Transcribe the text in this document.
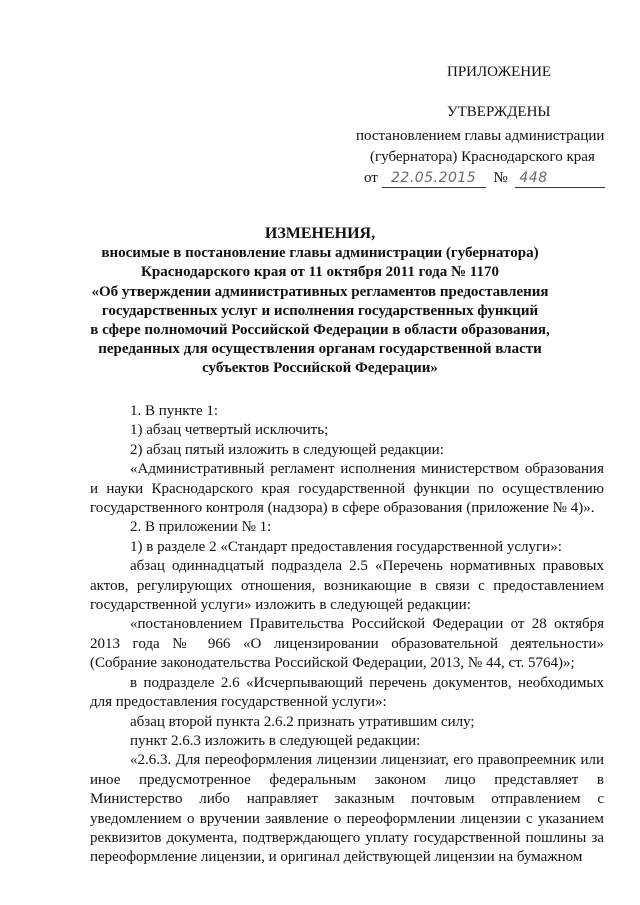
ПРИЛОЖЕНИЕ
УТВЕРЖДЕНЫ
постановлением главы администрации
(губернатора) Краснодарского края
от 22.05.2015 № 448
ИЗМЕНЕНИЯ,
вносимые в постановление главы администрации (губернатора)
Краснодарского края от 11 октября 2011 года № 1170
«Об утверждении административных регламентов предоставления
государственных услуг и исполнения государственных функций
в сфере полномочий Российской Федерации в области образования,
переданных для осуществления органам государственной власти
субъектов Российской Федерации»

1. В пункте 1:

1) абзац четвертый исключить;

2) абзац пятый изложить в следующей редакции:

«Административный регламент исполнения министерством образования и науки Краснодарского края государственной функции по осуществлению государственного контроля (надзора) в сфере образования (приложение № 4)».

2. В приложении № 1:

1) в разделе 2 «Стандарт предоставления государственной услуги»:

абзац одиннадцатый подраздела 2.5 «Перечень нормативных правовых актов, регулирующих отношения, возникающие в связи с предоставлением государственной услуги» изложить в следующей редакции:

«постановлением Правительства Российской Федерации от 28 октября 2013 года № 966 «О лицензировании образовательной деятельности» (Собрание законодательства Российской Федерации, 2013, № 44, ст. 5764)»;

в подразделе 2.6 «Исчерпывающий перечень документов, необходимых для предоставления государственной услуги»:

абзац второй пункта 2.6.2 признать утратившим силу;

пункт 2.6.3 изложить в следующей редакции:

«2.6.3. Для переоформления лицензии лицензиат, его правопреемник или иное предусмотренное федеральным законом лицо представляет в Министерство либо направляет заказным почтовым отправлением с уведомлением о вручении заявление о переоформлении лицензии с указанием реквизитов документа, подтверждающего уплату государственной пошлины за переоформление лицензии, и оригинал действующей лицензии на бумажном
